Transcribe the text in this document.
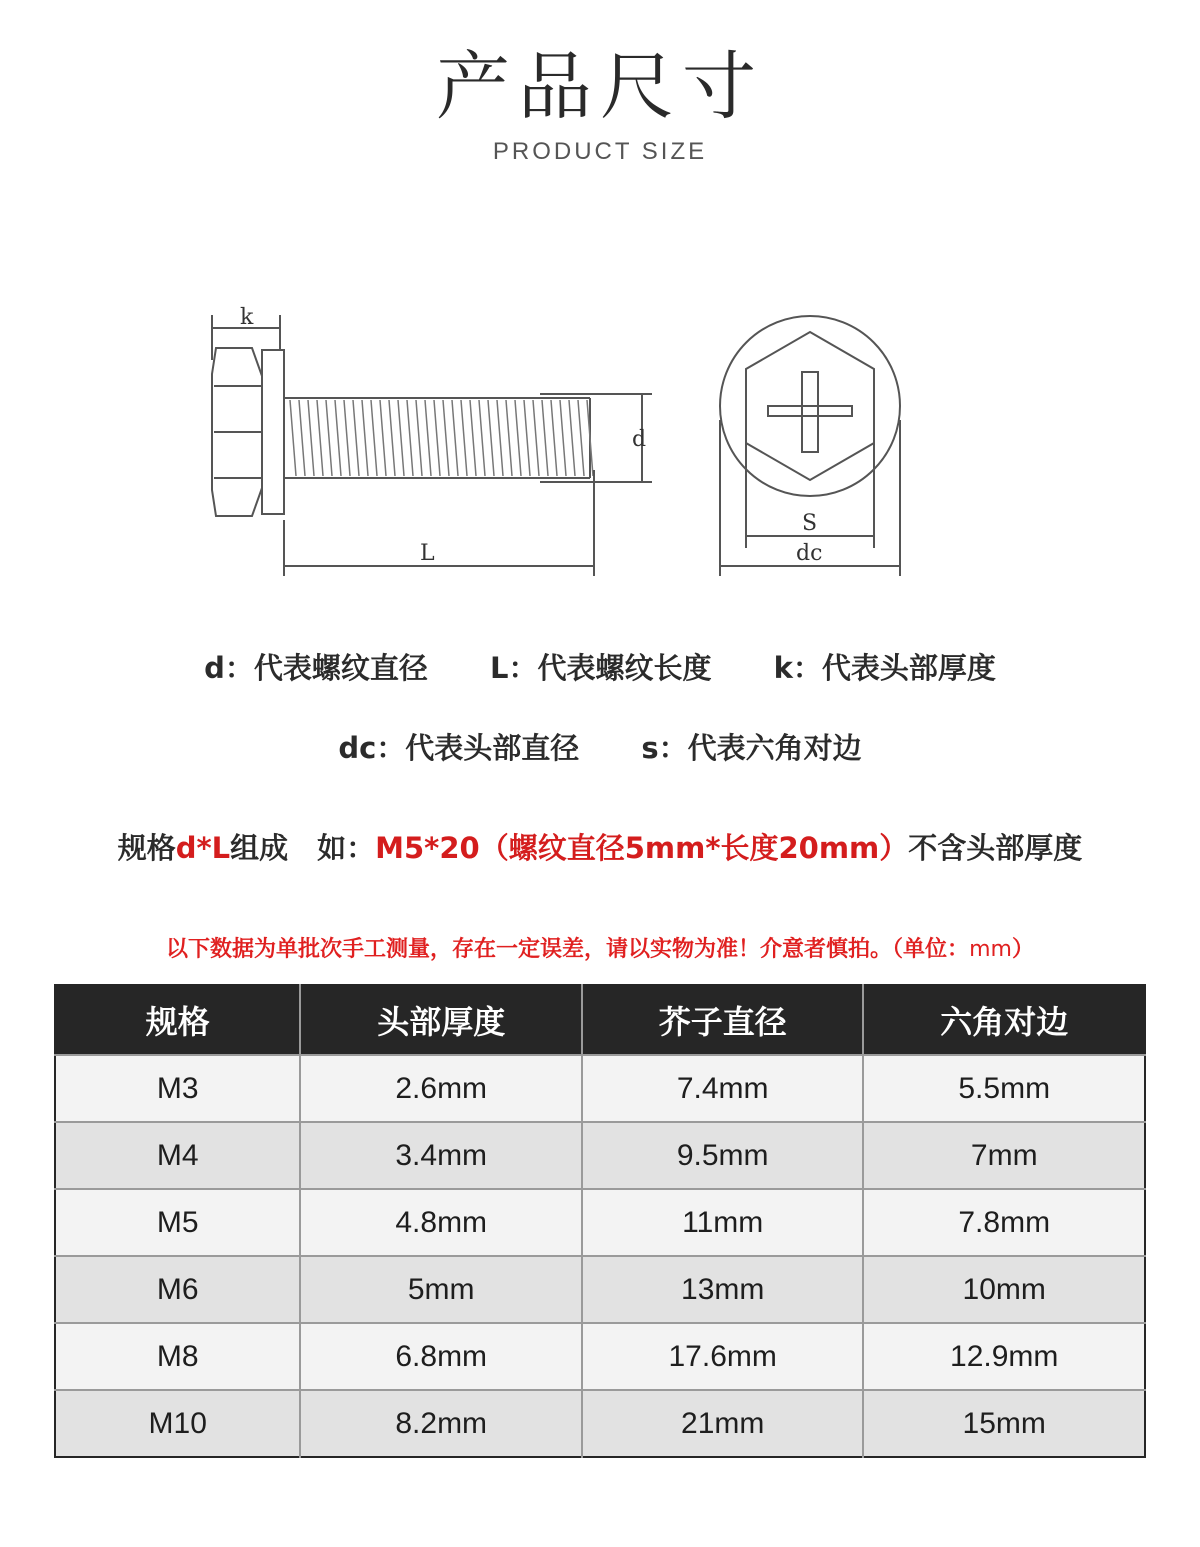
产品尺寸
PRODUCT SIZE
k
d
L
S
dc
d：代表螺纹直径 L：代表螺纹长度 k：代表头部厚度
dc：代表头部直径 s：代表六角对边
规格d*L组成　如：M5*20（螺纹直径5mm*长度20mm）不含头部厚度
以下数据为单批次手工测量，存在一定误差，请以实物为准！介意者慎拍。（单位：mm）
规格	头部厚度	芥子直径	六角对边
M3	2.6mm	7.4mm	5.5mm
M4	3.4mm	9.5mm	7mm
M5	4.8mm	11mm	7.8mm
M6	5mm	13mm	10mm
M8	6.8mm	17.6mm	12.9mm
M10	8.2mm	21mm	15mm
